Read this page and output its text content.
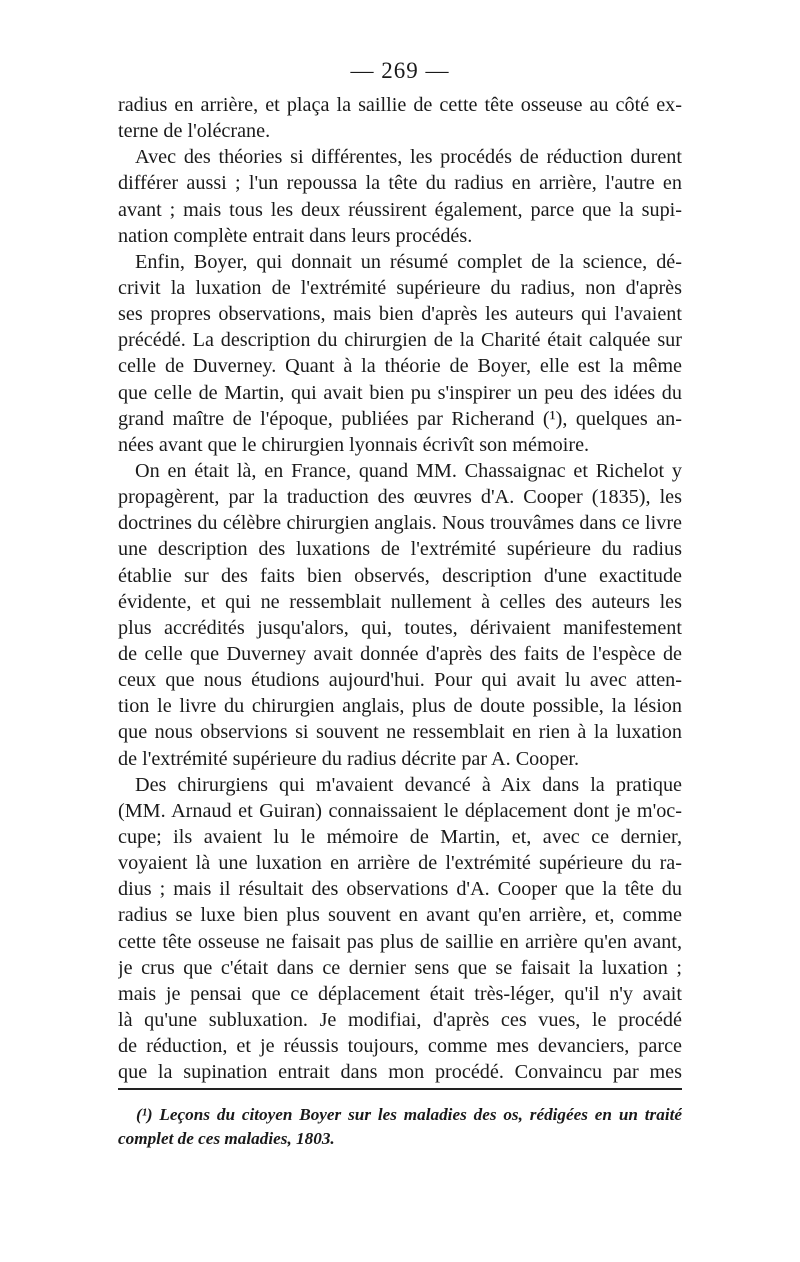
— 269 —
radius en arrière, et plaça la saillie de cette tête osseuse au côté ex-
terne de l'olécrane.
Avec des théories si différentes, les procédés de réduction durent
différer aussi ; l'un repoussa la tête du radius en arrière, l'autre en
avant ; mais tous les deux réussirent également, parce que la supi-
nation complète entrait dans leurs procédés.
Enfin, Boyer, qui donnait un résumé complet de la science, dé-
crivit la luxation de l'extrémité supérieure du radius, non d'après
ses propres observations, mais bien d'après les auteurs qui l'avaient
précédé. La description du chirurgien de la Charité était calquée sur
celle de Duverney. Quant à la théorie de Boyer, elle est la même
que celle de Martin, qui avait bien pu s'inspirer un peu des idées du
grand maître de l'époque, publiées par Richerand (¹), quelques an-
nées avant que le chirurgien lyonnais écrivît son mémoire.
On en était là, en France, quand MM. Chassaignac et Richelot y
propagèrent, par la traduction des œuvres d'A. Cooper (1835), les
doctrines du célèbre chirurgien anglais. Nous trouvâmes dans ce livre
une description des luxations de l'extrémité supérieure du radius
établie sur des faits bien observés, description d'une exactitude
évidente, et qui ne ressemblait nullement à celles des auteurs les
plus accrédités jusqu'alors, qui, toutes, dérivaient manifestement
de celle que Duverney avait donnée d'après des faits de l'espèce de
ceux que nous étudions aujourd'hui. Pour qui avait lu avec atten-
tion le livre du chirurgien anglais, plus de doute possible, la lésion
que nous observions si souvent ne ressemblait en rien à la luxation
de l'extrémité supérieure du radius décrite par A. Cooper.
Des chirurgiens qui m'avaient devancé à Aix dans la pratique
(MM. Arnaud et Guiran) connaissaient le déplacement dont je m'oc-
cupe; ils avaient lu le mémoire de Martin, et, avec ce dernier,
voyaient là une luxation en arrière de l'extrémité supérieure du ra-
dius ; mais il résultait des observations d'A. Cooper que la tête du
radius se luxe bien plus souvent en avant qu'en arrière, et, comme
cette tête osseuse ne faisait pas plus de saillie en arrière qu'en avant,
je crus que c'était dans ce dernier sens que se faisait la luxation ;
mais je pensai que ce déplacement était très-léger, qu'il n'y avait
là qu'une subluxation. Je modifiai, d'après ces vues, le procédé
de réduction, et je réussis toujours, comme mes devanciers, parce
que la supination entrait dans mon procédé. Convaincu par mes
(¹) Leçons du citoyen Boyer sur les maladies des os, rédigées en un traité
complet de ces maladies, 1803.
